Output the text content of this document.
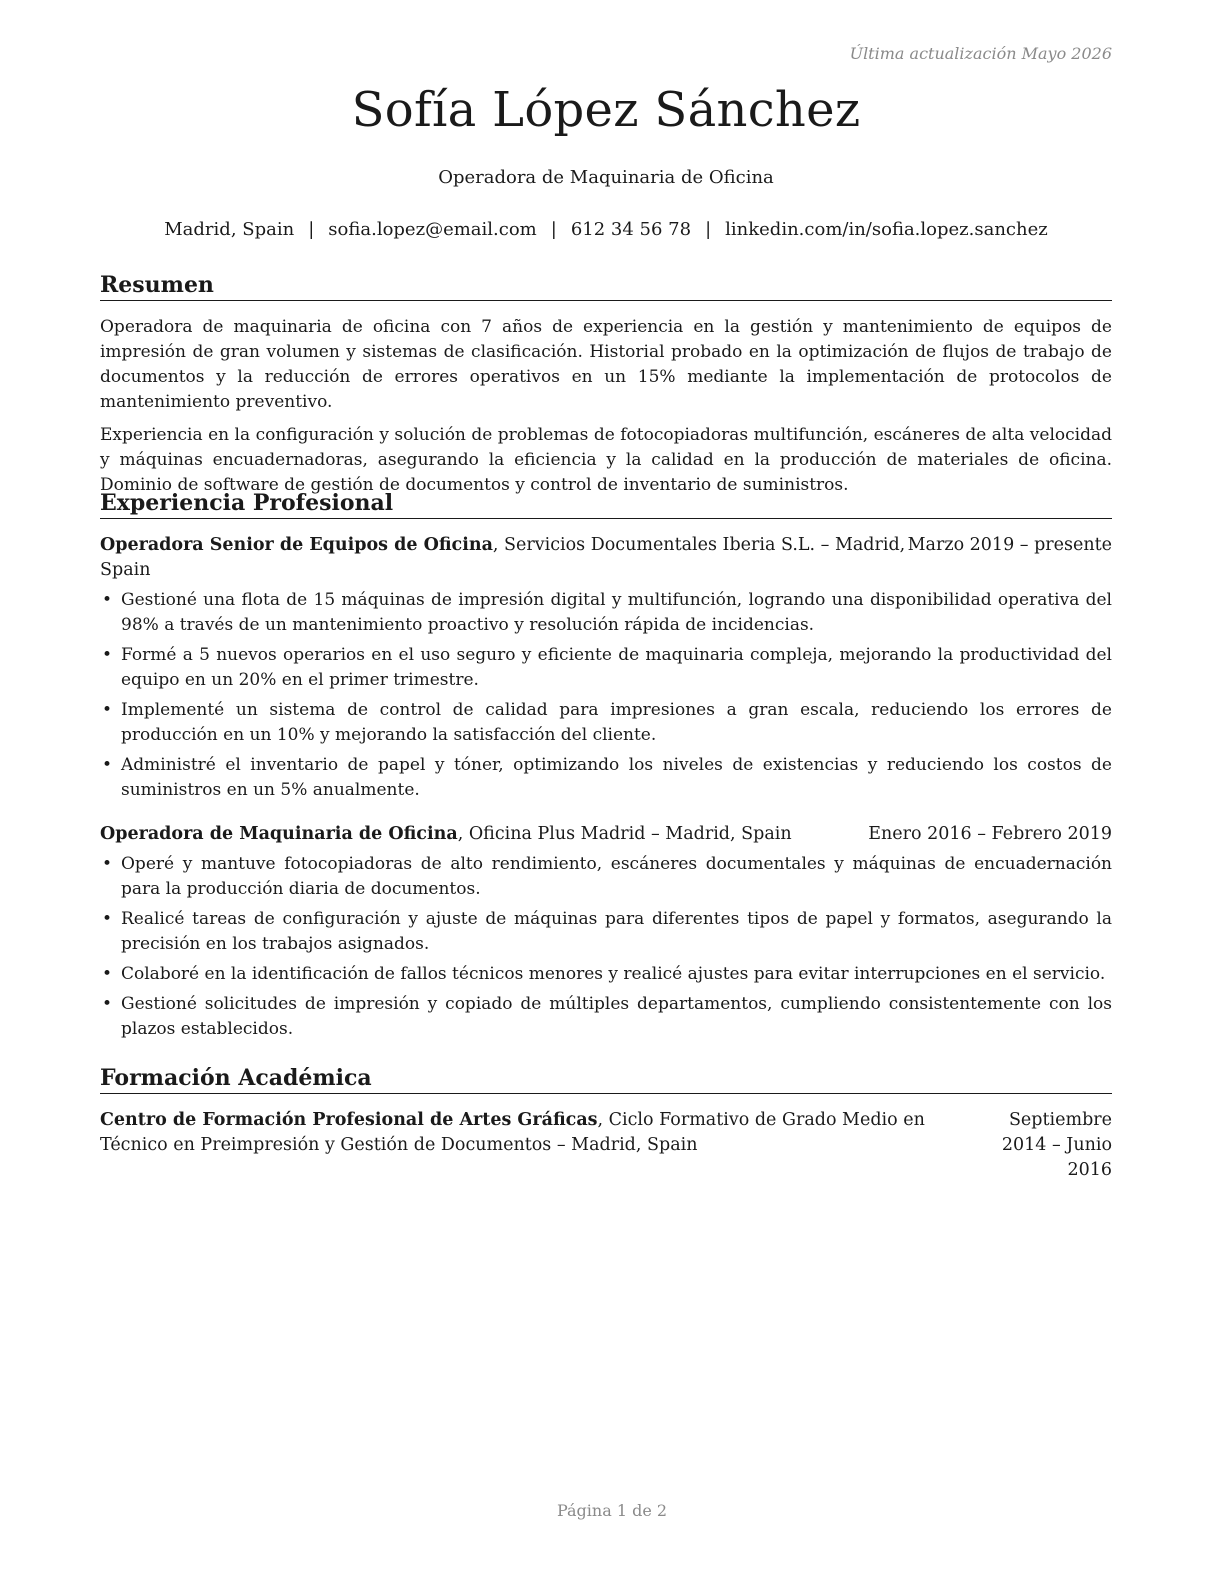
Última actualización Mayo 2026
Sofía López Sánchez
Operadora de Maquinaria de Oficina
Madrid, Spain | sofia.lopez@email.com | 612 34 56 78 | linkedin.com/in/sofia.lopez.sanchez
Resumen

Operadora de maquinaria de oficina con 7 años de experiencia en la gestión y mantenimiento de equipos de impresión de gran volumen y sistemas de clasificación. Historial probado en la optimización de flujos de trabajo de documentos y la reducción de errores operativos en un 15% mediante la implementación de protocolos de mantenimiento preventivo.

Experiencia en la configuración y solución de problemas de fotocopiadoras multifunción, escáneres de alta velocidad y máquinas encuadernadoras, asegurando la eficiencia y la calidad en la producción de materiales de oficina. Dominio de software de gestión de documentos y control de inventario de suministros.

Experiencia Profesional
Operadora Senior de Equipos de Oficina, Servicios Documentales Iberia S.L. – Madrid, Spain
Marzo 2019 – presente
• Gestioné una flota de 15 máquinas de impresión digital y multifunción, logrando una disponibilidad operativa del 98% a través de un mantenimiento proactivo y resolución rápida de incidencias.
• Formé a 5 nuevos operarios en el uso seguro y eficiente de maquinaria compleja, mejorando la productividad del equipo en un 20% en el primer trimestre.
• Implementé un sistema de control de calidad para impresiones a gran escala, reduciendo los errores de producción en un 10% y mejorando la satisfacción del cliente.
• Administré el inventario de papel y tóner, optimizando los niveles de existencias y reduciendo los costos de suministros en un 5% anualmente.
Operadora de Maquinaria de Oficina, Oficina Plus Madrid – Madrid, Spain	Enero 2016 – Febrero 2019
• Operé y mantuve fotocopiadoras de alto rendimiento, escáneres documentales y máquinas de encuadernación para la producción diaria de documentos.
• Realicé tareas de configuración y ajuste de máquinas para diferentes tipos de papel y formatos, asegurando la precisión en los trabajos asignados.
• Colaboré en la identificación de fallos técnicos menores y realicé ajustes para evitar interrupciones en el servicio.
• Gestioné solicitudes de impresión y copiado de múltiples departamentos, cumpliendo consistentemente con los plazos establecidos.
Formación Académica
Centro de Formación Profesional de Artes Gráficas, Ciclo Formativo de Grado Medio en Técnico en Preimpresión y Gestión de Documentos – Madrid, Spain
Septiembre 2014 – Junio 2016
Página 1 de 2
